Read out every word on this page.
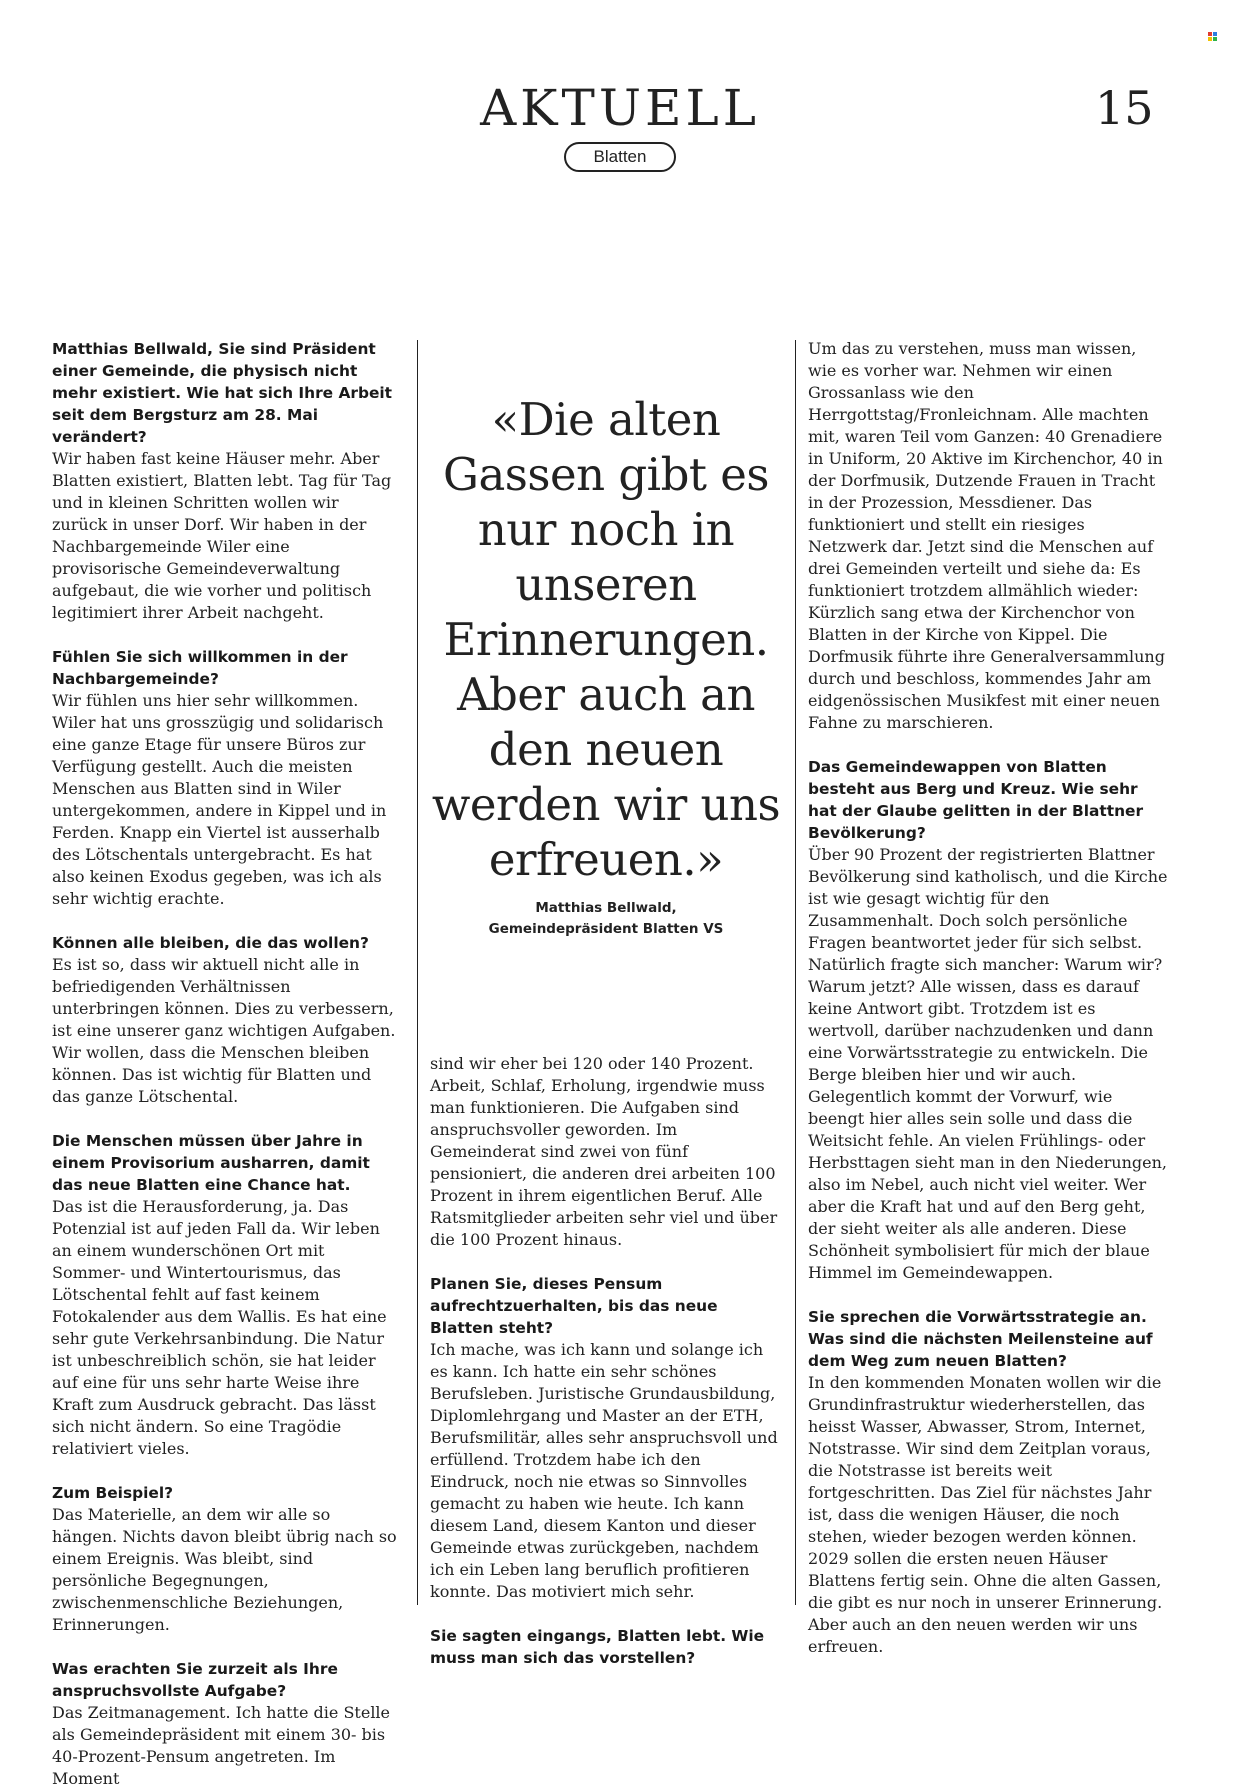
AKTUELL
Blatten
15

Matthias Bellwald, Sie sind Präsident einer Gemeinde, die physisch nicht mehr existiert. Wie hat sich Ihre Arbeit seit dem Bergsturz am 28. Mai verändert?

Wir haben fast keine Häuser mehr. Aber Blatten existiert, Blatten lebt. Tag für Tag und in kleinen Schritten wollen wir zurück in unser Dorf. Wir haben in der Nachbargemeinde Wiler eine provisorische Gemeindeverwaltung aufgebaut, die wie vorher und politisch legitimiert ihrer Arbeit nachgeht.

Fühlen Sie sich willkommen in der Nachbargemeinde?

Wir fühlen uns hier sehr willkommen. Wiler hat uns grosszügig und solidarisch eine ganze Etage für unsere Büros zur Verfügung gestellt. Auch die meisten Menschen aus Blatten sind in Wiler untergekommen, andere in Kippel und in Ferden. Knapp ein Viertel ist ausserhalb des Lötschentals untergebracht. Es hat also keinen Exodus gegeben, was ich als sehr wichtig erachte.

Können alle bleiben, die das wollen?

Es ist so, dass wir aktuell nicht alle in befriedigenden Verhältnissen unterbringen können. Dies zu verbessern, ist eine unserer ganz wichtigen Aufgaben. Wir wollen, dass die Menschen bleiben können. Das ist wichtig für Blatten und das ganze Lötschental.

Die Menschen müssen über Jahre in einem Provisorium ausharren, damit das neue Blatten eine Chance hat.

Das ist die Herausforderung, ja. Das Potenzial ist auf jeden Fall da. Wir leben an einem wunderschönen Ort mit Sommer- und Wintertourismus, das Lötschental fehlt auf fast keinem Fotokalender aus dem Wallis. Es hat eine sehr gute Verkehrsanbindung. Die Natur ist unbeschreiblich schön, sie hat leider auf eine für uns sehr harte Weise ihre Kraft zum Ausdruck gebracht. Das lässt sich nicht ändern. So eine Tragödie relativiert vieles.

Zum Beispiel?

Das Materielle, an dem wir alle so hängen. Nichts davon bleibt übrig nach so einem Ereignis. Was bleibt, sind persönliche Begegnungen, zwischenmenschliche Beziehungen, Erinnerungen.

Was erachten Sie zurzeit als Ihre anspruchsvollste Aufgabe?

Das Zeitmanagement. Ich hatte die Stelle als Gemeindepräsident mit einem 30- bis 40-Prozent-Pensum angetreten. Im Moment

«Die alten Gassen gibt es nur noch in unseren Erinnerungen. Aber auch an den neuen werden wir uns erfreuen.»

Matthias Bellwald,
Gemeindepräsident Blatten VS

sind wir eher bei 120 oder 140 Prozent. Arbeit, Schlaf, Erholung, irgendwie muss man funktionieren. Die Aufgaben sind anspruchsvoller geworden. Im Gemeinderat sind zwei von fünf pensioniert, die anderen drei arbeiten 100 Prozent in ihrem eigentlichen Beruf. Alle Ratsmitglieder arbeiten sehr viel und über die 100 Prozent hinaus.

Planen Sie, dieses Pensum aufrechtzuerhalten, bis das neue Blatten steht?

Ich mache, was ich kann und solange ich es kann. Ich hatte ein sehr schönes Berufsleben. Juristische Grundausbildung, Diplomlehrgang und Master an der ETH, Berufsmilitär, alles sehr anspruchsvoll und erfüllend. Trotzdem habe ich den Eindruck, noch nie etwas so Sinnvolles gemacht zu haben wie heute. Ich kann diesem Land, diesem Kanton und dieser Gemeinde etwas zurückgeben, nachdem ich ein Leben lang beruflich profitieren konnte. Das motiviert mich sehr.

Sie sagten eingangs, Blatten lebt. Wie muss man sich das vorstellen?

Um das zu verstehen, muss man wissen, wie es vorher war. Nehmen wir einen Grossanlass wie den Herrgottstag/Fronleichnam. Alle machten mit, waren Teil vom Ganzen: 40 Grenadiere in Uniform, 20 Aktive im Kirchenchor, 40 in der Dorfmusik, Dutzende Frauen in Tracht in der Prozession, Messdiener. Das funktioniert und stellt ein riesiges Netzwerk dar. Jetzt sind die Menschen auf drei Gemeinden verteilt und siehe da: Es funktioniert trotzdem allmählich wieder: Kürzlich sang etwa der Kirchenchor von Blatten in der Kirche von Kippel. Die Dorfmusik führte ihre Generalversammlung durch und beschloss, kommendes Jahr am eidgenössischen Musikfest mit einer neuen Fahne zu marschieren.

Das Gemeindewappen von Blatten besteht aus Berg und Kreuz. Wie sehr hat der Glaube gelitten in der Blattner Bevölkerung?

Über 90 Prozent der registrierten Blattner Bevölkerung sind katholisch, und die Kirche ist wie gesagt wichtig für den Zusammenhalt. Doch solch persönliche Fragen beantwortet jeder für sich selbst. Natürlich fragte sich mancher: Warum wir? Warum jetzt? Alle wissen, dass es darauf keine Antwort gibt. Trotzdem ist es wertvoll, darüber nachzudenken und dann eine Vorwärtsstrategie zu entwickeln. Die Berge bleiben hier und wir auch. Gelegentlich kommt der Vorwurf, wie beengt hier alles sein solle und dass die Weitsicht fehle. An vielen Frühlings- oder Herbsttagen sieht man in den Niederungen, also im Nebel, auch nicht viel weiter. Wer aber die Kraft hat und auf den Berg geht, der sieht weiter als alle anderen. Diese Schönheit symbolisiert für mich der blaue Himmel im Gemeindewappen.

Sie sprechen die Vorwärtsstrategie an. Was sind die nächsten Meilensteine auf dem Weg zum neuen Blatten?

In den kommenden Monaten wollen wir die Grundinfrastruktur wiederherstellen, das heisst Wasser, Abwasser, Strom, Internet, Notstrasse. Wir sind dem Zeitplan voraus, die Notstrasse ist bereits weit fortgeschritten. Das Ziel für nächstes Jahr ist, dass die wenigen Häuser, die noch stehen, wieder bezogen werden können. 2029 sollen die ersten neuen Häuser Blattens fertig sein. Ohne die alten Gassen, die gibt es nur noch in unserer Erinnerung. Aber auch an den neuen werden wir uns erfreuen.
